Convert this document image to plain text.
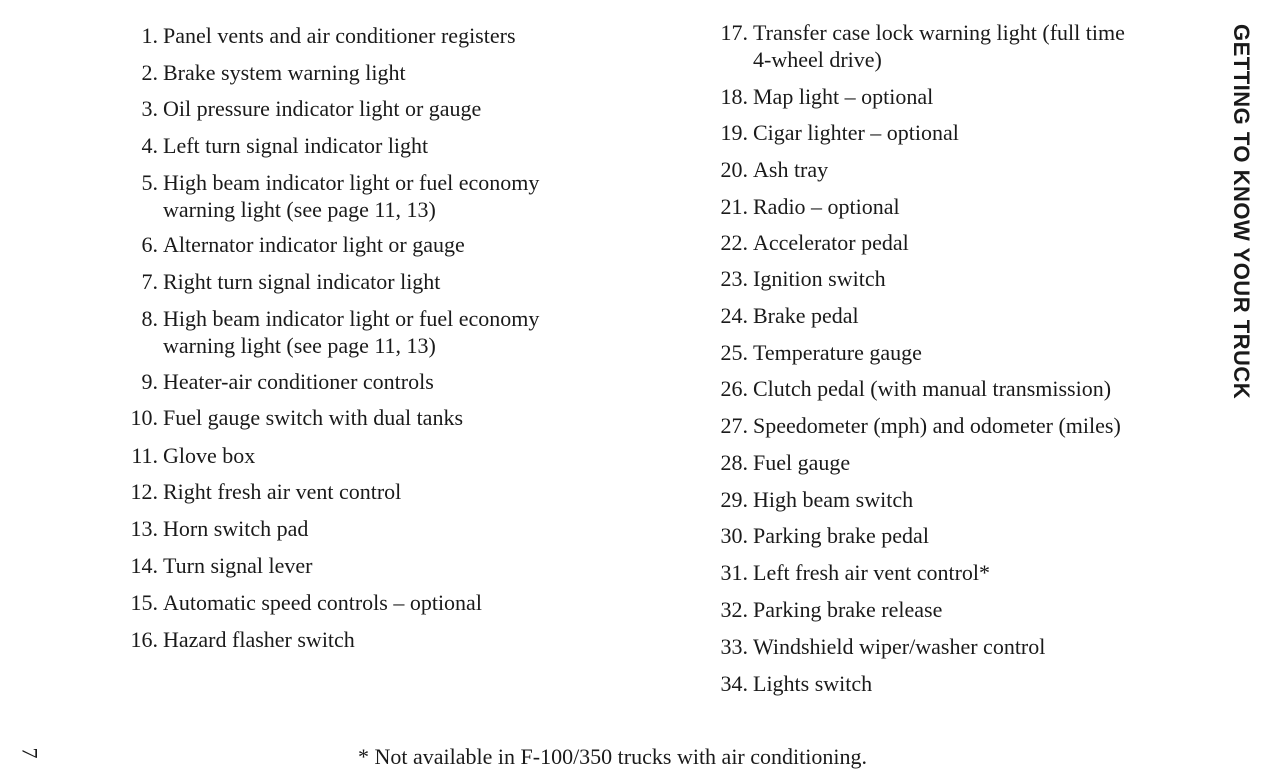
1. Panel vents and air conditioner registers
2. Brake system warning light
3. Oil pressure indicator light or gauge
4. Left turn signal indicator light
5. High beam indicator light or fuel economy
warning light (see page 11, 13)
6. Alternator indicator light or gauge
7. Right turn signal indicator light
8. High beam indicator light or fuel economy
warning light (see page 11, 13)
9. Heater-air conditioner controls
10. Fuel gauge switch with dual tanks
11. Glove box
12. Right fresh air vent control
13. Horn switch pad
14. Turn signal lever
15. Automatic speed controls – optional
16. Hazard flasher switch
17. Transfer case lock warning light (full time
4-wheel drive)
18. Map light – optional
19. Cigar lighter – optional
20. Ash tray
21. Radio – optional
22. Accelerator pedal
23. Ignition switch
24. Brake pedal
25. Temperature gauge
26. Clutch pedal (with manual transmission)
27. Speedometer (mph) and odometer (miles)
28. Fuel gauge
29. High beam switch
30. Parking brake pedal
31. Left fresh air vent control*
32. Parking brake release
33. Windshield wiper/washer control
34. Lights switch
GETTING TO KNOW YOUR TRUCK
7	* Not available in F-100/350 trucks with air conditioning.
